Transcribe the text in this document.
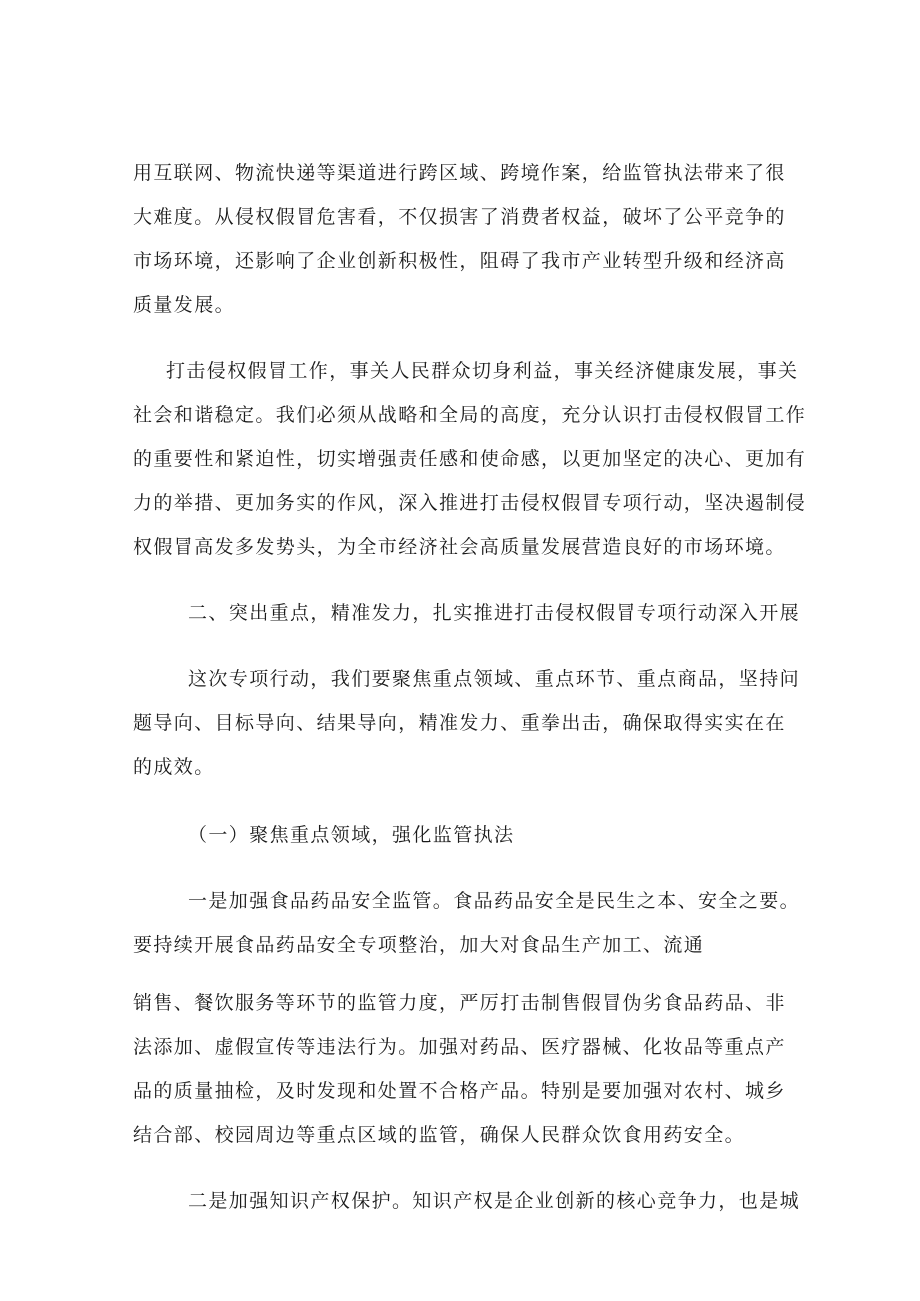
用互联网、物流快递等渠道进行跨区域、跨境作案，给监管执法带来了很
大难度。从侵权假冒危害看，不仅损害了消费者权益，破坏了公平竞争的
市场环境，还影响了企业创新积极性，阻碍了我市产业转型升级和经济高
质量发展。
打击侵权假冒工作，事关人民群众切身利益，事关经济健康发展，事关
社会和谐稳定。我们必须从战略和全局的高度，充分认识打击侵权假冒工作
的重要性和紧迫性，切实增强责任感和使命感，以更加坚定的决心、更加有
力的举措、更加务实的作风，深入推进打击侵权假冒专项行动，坚决遏制侵
权假冒高发多发势头，为全市经济社会高质量发展营造良好的市场环境。
二、突出重点，精准发力，扎实推进打击侵权假冒专项行动深入开展
这次专项行动，我们要聚焦重点领域、重点环节、重点商品，坚持问
题导向、目标导向、结果导向，精准发力、重拳出击，确保取得实实在在
的成效。
（一）聚焦重点领域，强化监管执法
一是加强食品药品安全监管。食品药品安全是民生之本、安全之要。
要持续开展食品药品安全专项整治，加大对食品生产加工、流通
销售、餐饮服务等环节的监管力度，严厉打击制售假冒伪劣食品药品、非
法添加、虚假宣传等违法行为。加强对药品、医疗器械、化妆品等重点产
品的质量抽检，及时发现和处置不合格产品。特别是要加强对农村、城乡
结合部、校园周边等重点区域的监管，确保人民群众饮食用药安全。
二是加强知识产权保护。知识产权是企业创新的核心竞争力，也是城
